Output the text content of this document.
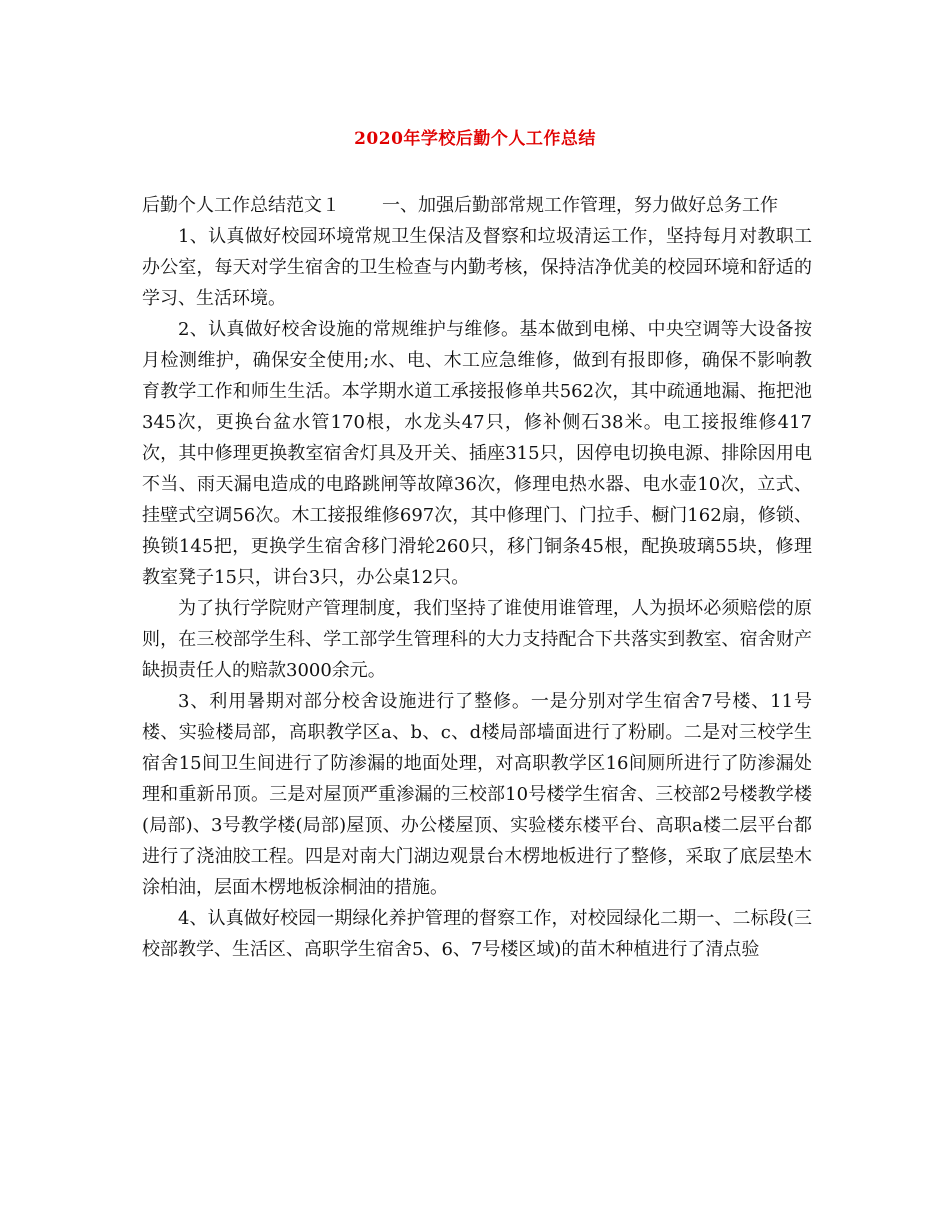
2020年学校后勤个人工作总结

后勤个人工作总结范文１ 一、加强后勤部常规工作管理，努力做好总务工作

1、认真做好校园环境常规卫生保洁及督察和垃圾清运工作，坚持每月对教职工办公室，每天对学生宿舍的卫生检查与内勤考核，保持洁净优美的校园环境和舒适的学习、生活环境。

2、认真做好校舍设施的常规维护与维修。基本做到电梯、中央空调等大设备按月检测维护，确保安全使用;水、电、木工应急维修，做到有报即修，确保不影响教育教学工作和师生生活。本学期水道工承接报修单共562次，其中疏通地漏、拖把池345次，更换台盆水管170根，水龙头47只，修补侧石38米。电工接报维修417次，其中修理更换教室宿舍灯具及开关、插座315只，因停电切换电源、排除因用电不当、雨天漏电造成的电路跳闸等故障36次，修理电热水器、电水壶10次，立式、挂壁式空调56次。木工接报维修697次，其中修理门、门拉手、橱门162扇，修锁、换锁145把，更换学生宿舍移门滑轮260只，移门铜条45根，配换玻璃55块，修理教室凳子15只，讲台3只，办公桌12只。

为了执行学院财产管理制度，我们坚持了谁使用谁管理，人为损坏必须赔偿的原则，在三校部学生科、学工部学生管理科的大力支持配合下共落实到教室、宿舍财产缺损责任人的赔款3000余元。

3、利用暑期对部分校舍设施进行了整修。一是分别对学生宿舍7号楼、11号楼、实验楼局部，高职教学区a、b、c、d楼局部墙面进行了粉刷。二是对三校学生宿舍15间卫生间进行了防渗漏的地面处理，对高职教学区16间厕所进行了防渗漏处理和重新吊顶。三是对屋顶严重渗漏的三校部10号楼学生宿舍、三校部2号楼教学楼(局部)、3号教学楼(局部)屋顶、办公楼屋顶、实验楼东楼平台、高职a楼二层平台都进行了浇油胶工程。四是对南大门湖边观景台木楞地板进行了整修，采取了底层垫木涂柏油，层面木楞地板涂桐油的措施。

4、认真做好校园一期绿化养护管理的督察工作，对校园绿化二期一、二标段(三校部教学、生活区、高职学生宿舍5、6、7号楼区域)的苗木种植进行了清点验
